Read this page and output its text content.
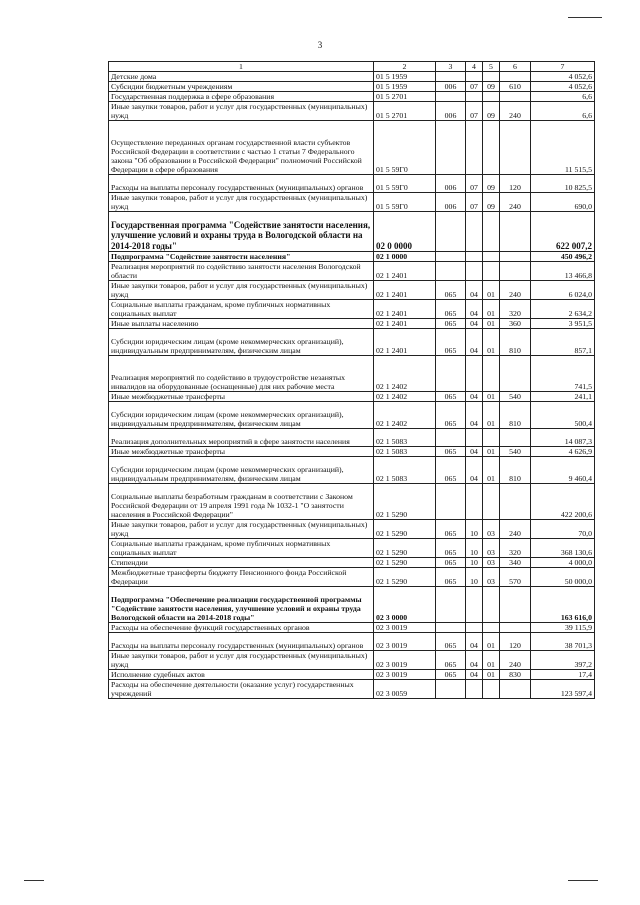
3
1	2	3	4	5	6	7
Детские дома	01 5 1959					4 052,6
Субсидии бюджетным учреждениям	01 5 1959	006	07	09	610	4 052,6
Государственная поддержка в сфере образования	01 5 2701					6,6
Иные закупки товаров, работ и услуг для государственных (муниципальных) нужд	01 5 2701	006	07	09	240	6,6
Осуществление переданных органам государственной власти субъектов Российской Федерации в соответствии с частью 1 статьи 7 Федерального закона "Об образовании в Российской Федерации" полномочий Российской Федерации в сфере образования	01 5 59Г0					11 515,5
Расходы на выплаты персоналу государственных (муниципальных) органов	01 5 59Г0	006	07	09	120	10 825,5
Иные закупки товаров, работ и услуг для государственных (муниципальных) нужд	01 5 59Г0	006	07	09	240	690,0
Государственная программа "Содействие занятости населения, улучшение условий и охраны труда в Вологодской области на 2014-2018 годы"	02 0 0000					622 007,2
Подпрограмма "Содействие занятости населения"	02 1 0000					450 496,2
Реализация мероприятий по содействию занятости населения Вологодской области	02 1 2401					13 466,8
Иные закупки товаров, работ и услуг для государственных (муниципальных) нужд	02 1 2401	065	04	01	240	6 024,0
Социальные выплаты гражданам, кроме публичных нормативных социальных выплат	02 1 2401	065	04	01	320	2 634,2
Иные выплаты населению	02 1 2401	065	04	01	360	3 951,5
Субсидии юридическим лицам (кроме некоммерческих организаций), индивидуальным предпринимателям, физическим лицам	02 1 2401	065	04	01	810	857,1
Реализация мероприятий по содействию в трудоустройстве незанятых инвалидов на оборудованные (оснащенные) для них рабочие места	02 1 2402					741,5
Иные межбюджетные трансферты	02 1 2402	065	04	01	540	241,1
Субсидии юридическим лицам (кроме некоммерческих организаций), индивидуальным предпринимателям, физическим лицам	02 1 2402	065	04	01	810	500,4
Реализация дополнительных мероприятий в сфере занятости населения	02 1 5083					14 087,3
Иные межбюджетные трансферты	02 1 5083	065	04	01	540	4 626,9
Субсидии юридическим лицам (кроме некоммерческих организаций), индивидуальным предпринимателям, физическим лицам	02 1 5083	065	04	01	810	9 460,4
Социальные выплаты безработным гражданам в соответствии с Законом Российской Федерации от 19 апреля 1991 года № 1032-1 "О занятости населения в Российской Федерации"	02 1 5290					422 200,6
Иные закупки товаров, работ и услуг для государственных (муниципальных) нужд	02 1 5290	065	10	03	240	70,0
Социальные выплаты гражданам, кроме публичных нормативных социальных выплат	02 1 5290	065	10	03	320	368 130,6
Стипендии	02 1 5290	065	10	03	340	4 000,0
Межбюджетные трансферты бюджету Пенсионного фонда Российской Федерации	02 1 5290	065	10	03	570	50 000,0
Подпрограмма "Обеспечение реализации государственной программы "Содействие занятости населения, улучшение условий и охраны труда Вологодской области на 2014-2018 годы"	02 3 0000					163 616,0
Расходы на обеспечение функций государственных органов	02 3 0019					39 115,9
Расходы на выплаты персоналу государственных (муниципальных) органов	02 3 0019	065	04	01	120	38 701,3
Иные закупки товаров, работ и услуг для государственных (муниципальных) нужд	02 3 0019	065	04	01	240	397,2
Исполнение судебных актов	02 3 0019	065	04	01	830	17,4
Расходы на обеспечение деятельности (оказание услуг) государственных учреждений	02 3 0059					123 597,4
